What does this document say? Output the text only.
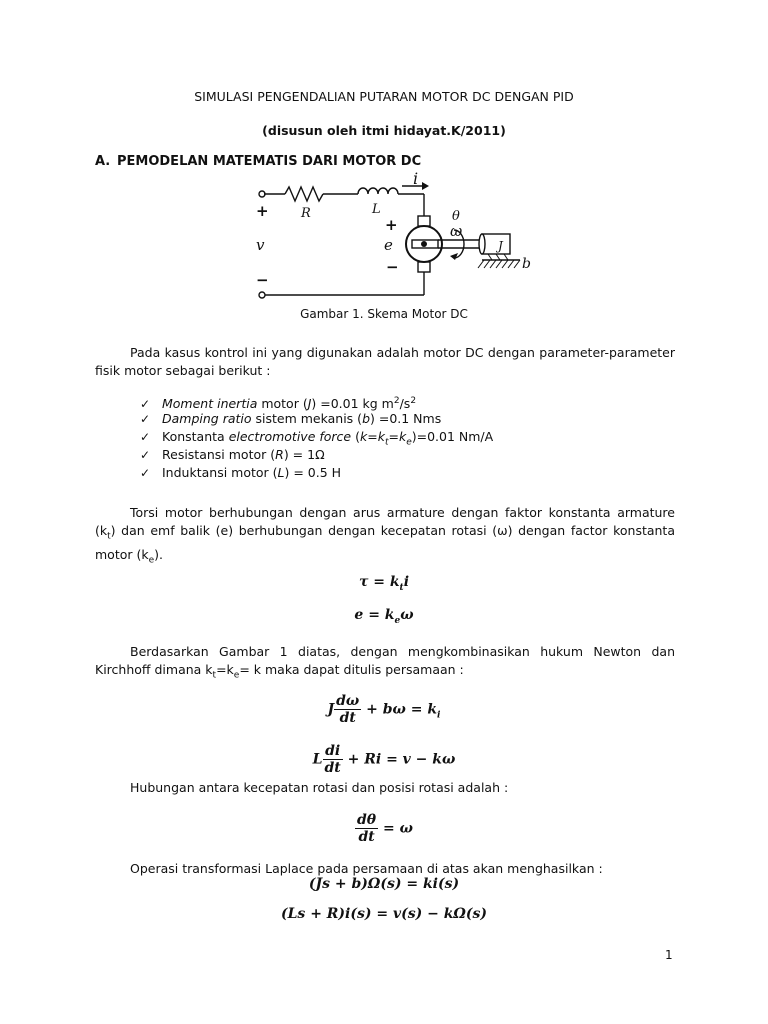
SIMULASI PENGENDALIAN PUTARAN MOTOR DC DENGAN PID
(disusun oleh itmi hidayat.K/2011)
A. PEMODELAN MATEMATIS DARI MOTOR DC
R	L
i
e
v
θ
ω
J
b
+
−
+
−
Gambar 1. Skema Motor DC
Pada kasus kontrol ini yang digunakan adalah motor DC dengan parameter-parameter fisik motor sebagai berikut :
✓ Moment inertia motor (J) =0.01 kg $m^2/s^2$
✓ Damping ratio sistem mekanis (b) =0.1 Nms
✓ Konstanta electromotive force $(k=k_t=k_e)=0.01$ Nm/A
✓ Resistansi motor (R) = 1Ω
✓ Induktansi motor (L) = 0.5 H
Torsi motor berhubungan dengan arus armature dengan faktor konstanta armature $(k_t)$ dan emf balik (e) berhubungan dengan kecepatan rotasi (ω) dengan factor konstanta motor $(k_e)$.
$\tau = k_ti$
$e = k_e\omega$
Berdasarkan Gambar 1 diatas, dengan mengkombinasikan hukum Newton dan Kirchhoff dimana $k_t=k_e= k$ maka dapat ditulis persamaan :
J $\frac{d\omega}{dt} + b\omega = k_i$
L $\frac{di}{dt} + Ri = v - k\omega$
Hubungan antara kecepatan rotasi dan posisi rotasi adalah :
$\frac{d\theta}{dt} = \omega$
Operasi transformasi Laplace pada persamaan di atas akan menghasilkan :
(Js + b)Ω(s) = ki(s)
(Ls + R)i(s) = v(s) − kΩ(s)
1
